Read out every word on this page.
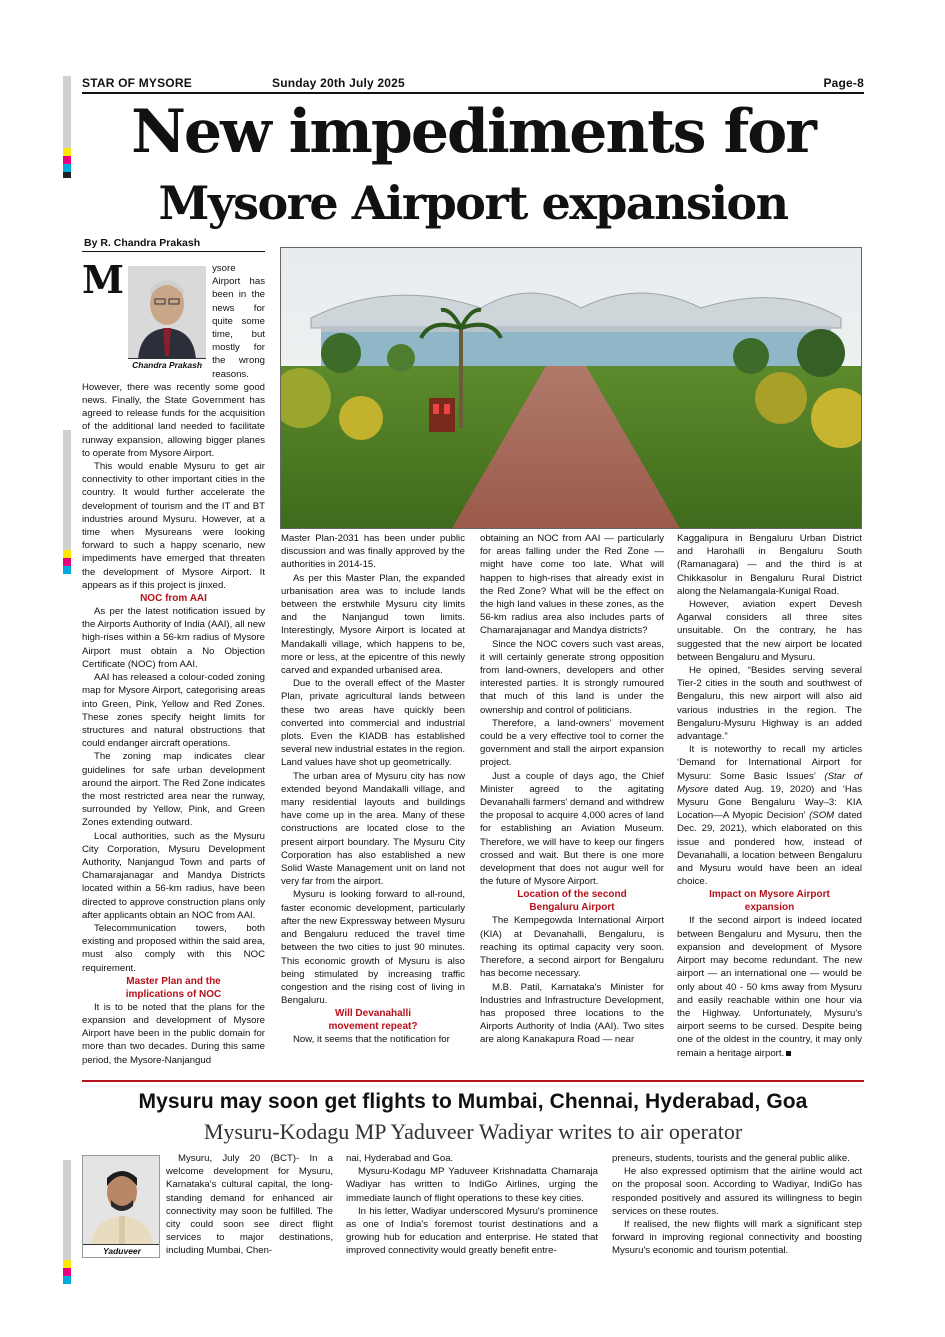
STAR OF MYSORE	Sunday 20th July 2025	Page-8
New impediments for
Mysore Airport expansion
By R. Chandra Prakash

M
Chandra Prakash
ysore Airport has been in the news for quite some time, but mostly for the wrong reasons. However, there was recently some good news. Finally, the State Government has agreed to release funds for the acquisition of the additional land needed to facilitate runway expansion, allowing bigger planes to operate from Mysore Airport.

This would enable Mysuru to get air connectivity to other important cities in the country. It would further accelerate the development of tourism and the IT and BT industries around Mysuru. However, at a time when Mysureans were looking forward to such a happy scenario, new impediments have emerged that threaten the development of Mysore Airport. It appears as if this project is jinxed.

NOC from AAI

As per the latest notification issued by the Airports Authority of India (AAI), all new high-rises within a 56-km radius of Mysore Airport must obtain a No Objection Certificate (NOC) from AAI.

AAI has released a colour-coded zoning map for Mysore Airport, categorising areas into Green, Pink, Yellow and Red Zones. These zones specify height limits for structures and natural obstructions that could endanger aircraft operations.

The zoning map indicates clear guidelines for safe urban development around the airport. The Red Zone indicates the most restricted area near the runway, surrounded by Yellow, Pink, and Green Zones extending outward.

Local authorities, such as the Mysuru City Corporation, Mysuru Development Authority, Nanjangud Town and parts of Chamarajanagar and Mandya Districts located within a 56-km radius, have been directed to approve construction plans only after applicants obtain an NOC from AAI.

Telecommunication towers, both existing and proposed within the said area, must also comply with this NOC requirement.

Master Plan and the

implications of NOC

It is to be noted that the plans for the expansion and development of Mysore Airport have been in the public domain for more than two decades. During this same period, the Mysore-Nanjangud

Master Plan-2031 has been under public discussion and was finally approved by the authorities in 2014-15.

As per this Master Plan, the expanded urbanisation area was to include lands between the erstwhile Mysuru city limits and the Nanjangud town limits. Interestingly, Mysore Airport is located at Mandakalli village, which happens to be, more or less, at the epicentre of this newly carved and expanded urbanised area.

Due to the overall effect of the Master Plan, private agricultural lands between these two areas have quickly been converted into commercial and industrial plots. Even the KIADB has established several new industrial estates in the region. Land values have shot up geometrically.

The urban area of Mysuru city has now extended beyond Mandakalli village, and many residential layouts and buildings have come up in the area. Many of these constructions are located close to the present airport boundary. The Mysuru City Corporation has also established a new Solid Waste Management unit on land not very far from the airport.

Mysuru is looking forward to all-round, faster economic development, particularly after the new Expressway between Mysuru and Bengaluru reduced the travel time between the two cities to just 90 minutes. This economic growth of Mysuru is also being stimulated by increasing traffic congestion and the rising cost of living in Bengaluru.

Will Devanahalli

movement repeat?

Now, it seems that the notification for

obtaining an NOC from AAI — particularly for areas falling under the Red Zone — might have come too late. What will happen to high-rises that already exist in the Red Zone? What will be the effect on the high land values in these zones, as the 56-km radius area also includes parts of Chamarajanagar and Mandya districts?

Since the NOC covers such vast areas, it will certainly generate strong opposition from land-owners, developers and other interested parties. It is strongly rumoured that much of this land is under the ownership and control of politicians.

Therefore, a land-owners' movement could be a very effective tool to corner the government and stall the airport expansion project.

Just a couple of days ago, the Chief Minister agreed to the agitating Devanahalli farmers' demand and withdrew the proposal to acquire 4,000 acres of land for establishing an Aviation Museum. Therefore, we will have to keep our fingers crossed and wait. But there is one more development that does not augur well for the future of Mysore Airport.

Location of the second

Bengaluru Airport

The Kempegowda International Airport (KIA) at Devanahalli, Bengaluru, is reaching its optimal capacity very soon. Therefore, a second airport for Bengaluru has become necessary.

M.B. Patil, Karnataka's Minister for Industries and Infrastructure Development, has proposed three locations to the Airports Authority of India (AAI). Two sites are along Kanakapura Road — near

Kaggalipura in Bengaluru Urban District and Harohalli in Bengaluru South (Ramanagara) — and the third is at Chikkasolur in Bengaluru Rural District along the Nelamangala-Kunigal Road.

However, aviation expert Devesh Agarwal considers all three sites unsuitable. On the contrary, he has suggested that the new airport be located between Bengaluru and Mysuru.

He opined, “Besides serving several Tier-2 cities in the south and southwest of Bengaluru, this new airport will also aid various industries in the region. The Bengaluru-Mysuru Highway is an added advantage.”

It is noteworthy to recall my articles ‘Demand for International Airport for Mysuru: Some Basic Issues’ (Star of Mysore dated Aug. 19, 2020) and ‘Has Mysuru Gone Bengaluru Way–3: KIA Location—A Myopic Decision’ (SOM dated Dec. 29, 2021), which elaborated on this issue and pondered how, instead of Devanahalli, a location between Bengaluru and Mysuru would have been an ideal choice.

Impact on Mysore Airport

expansion

If the second airport is indeed located between Bengaluru and Mysuru, then the expansion and development of Mysore Airport may become redundant. The new airport — an international one — would be only about 40 - 50 kms away from Mysuru and easily reachable within one hour via the Highway. Unfortunately, Mysuru's airport seems to be cursed. Despite being one of the oldest in the country, it may only remain a heritage airport.

Mysuru may soon get flights to Mumbai, Chennai, Hyderabad, Goa
Mysuru-Kodagu MP Yaduveer Wadiyar writes to air operator
Yaduveer

Mysuru, July 20 (BCT)- In a welcome development for Mysuru, Karnataka's cultural capital, the long-standing demand for enhanced air connectivity may soon be fulfilled. The city could soon see direct flight services to major destinations, including Mumbai, Chen-

nai, Hyderabad and Goa.

Mysuru-Kodagu MP Yaduveer Krishnadatta Chamaraja Wadiyar has written to IndiGo Airlines, urging the immediate launch of flight operations to these key cities.

In his letter, Wadiyar underscored Mysuru's prominence as one of India's foremost tourist destinations and a growing hub for education and enterprise. He stated that improved connectivity would greatly benefit entre-

preneurs, students, tourists and the general public alike.

He also expressed optimism that the airline would act on the proposal soon. According to Wadiyar, IndiGo has responded positively and assured its willingness to begin services on these routes.

If realised, the new flights will mark a significant step forward in improving regional connectivity and boosting Mysuru's economic and tourism potential.
